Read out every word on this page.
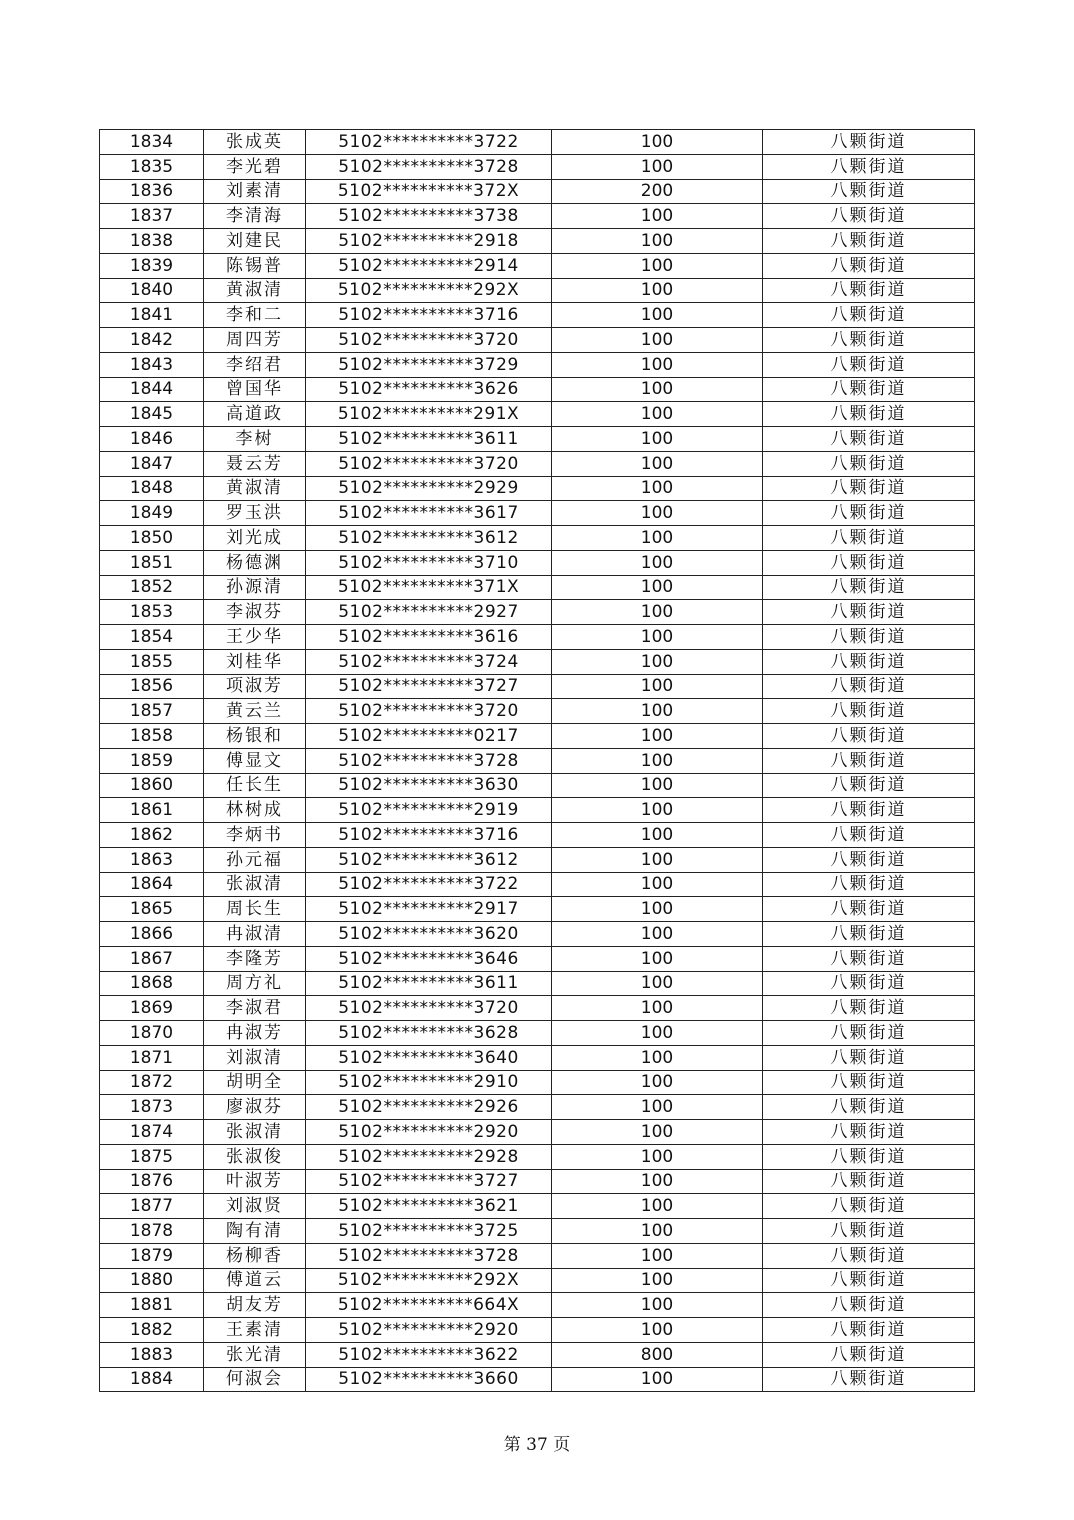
1834	张成英	5102**********3722	100	八颗街道
1835	李光碧	5102**********3728	100	八颗街道
1836	刘素清	5102**********372X	200	八颗街道
1837	李清海	5102**********3738	100	八颗街道
1838	刘建民	5102**********2918	100	八颗街道
1839	陈锡普	5102**********2914	100	八颗街道
1840	黄淑清	5102**********292X	100	八颗街道
1841	李和二	5102**********3716	100	八颗街道
1842	周四芳	5102**********3720	100	八颗街道
1843	李绍君	5102**********3729	100	八颗街道
1844	曾国华	5102**********3626	100	八颗街道
1845	高道政	5102**********291X	100	八颗街道
1846	李树	5102**********3611	100	八颗街道
1847	聂云芳	5102**********3720	100	八颗街道
1848	黄淑清	5102**********2929	100	八颗街道
1849	罗玉洪	5102**********3617	100	八颗街道
1850	刘光成	5102**********3612	100	八颗街道
1851	杨德渊	5102**********3710	100	八颗街道
1852	孙源清	5102**********371X	100	八颗街道
1853	李淑芬	5102**********2927	100	八颗街道
1854	王少华	5102**********3616	100	八颗街道
1855	刘桂华	5102**********3724	100	八颗街道
1856	项淑芳	5102**********3727	100	八颗街道
1857	黄云兰	5102**********3720	100	八颗街道
1858	杨银和	5102**********0217	100	八颗街道
1859	傅显文	5102**********3728	100	八颗街道
1860	任长生	5102**********3630	100	八颗街道
1861	林树成	5102**********2919	100	八颗街道
1862	李炳书	5102**********3716	100	八颗街道
1863	孙元福	5102**********3612	100	八颗街道
1864	张淑清	5102**********3722	100	八颗街道
1865	周长生	5102**********2917	100	八颗街道
1866	冉淑清	5102**********3620	100	八颗街道
1867	李隆芳	5102**********3646	100	八颗街道
1868	周方礼	5102**********3611	100	八颗街道
1869	李淑君	5102**********3720	100	八颗街道
1870	冉淑芳	5102**********3628	100	八颗街道
1871	刘淑清	5102**********3640	100	八颗街道
1872	胡明全	5102**********2910	100	八颗街道
1873	廖淑芬	5102**********2926	100	八颗街道
1874	张淑清	5102**********2920	100	八颗街道
1875	张淑俊	5102**********2928	100	八颗街道
1876	叶淑芳	5102**********3727	100	八颗街道
1877	刘淑贤	5102**********3621	100	八颗街道
1878	陶有清	5102**********3725	100	八颗街道
1879	杨柳香	5102**********3728	100	八颗街道
1880	傅道云	5102**********292X	100	八颗街道
1881	胡友芳	5102**********664X	100	八颗街道
1882	王素清	5102**********2920	100	八颗街道
1883	张光清	5102**********3622	800	八颗街道
1884	何淑会	5102**********3660	100	八颗街道
第 37 页
